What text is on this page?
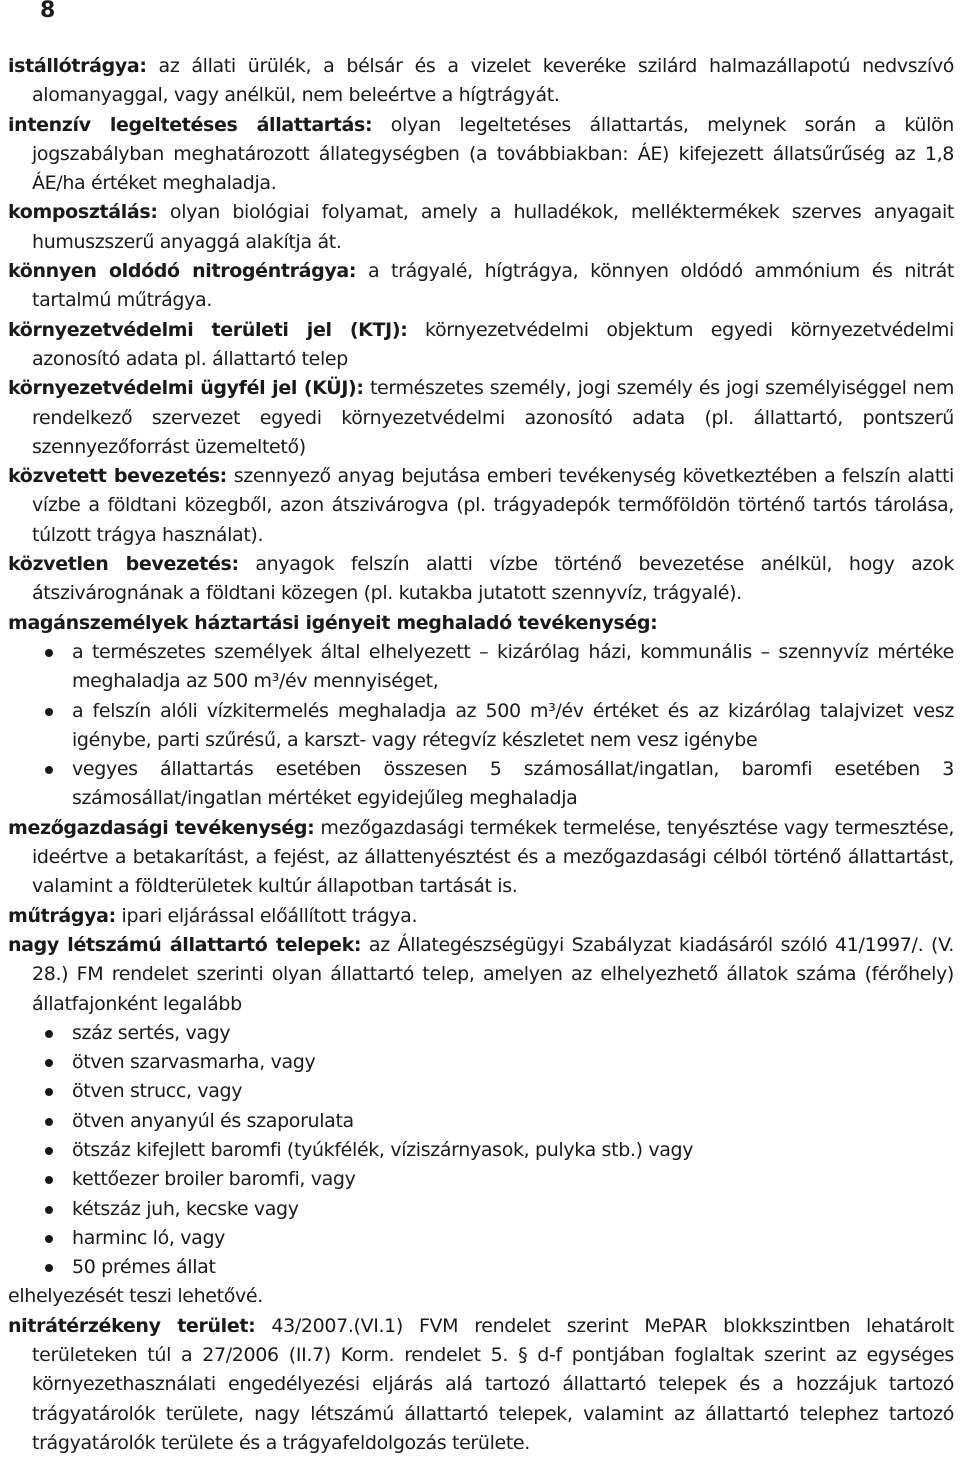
8

istállótrágya: az állati ürülék, a bélsár és a vizelet keveréke szilárd halmazállapotú nedvszívó alomanyaggal, vagy anélkül, nem beleértve a hígtrágyát.

intenzív legeltetéses állattartás: olyan legeltetéses állattartás, melynek során a külön jogszabályban meghatározott állategységben (a továbbiakban: ÁE) kifejezett állatsűrűség az 1,8 ÁE/ha értéket meghaladja.

komposztálás: olyan biológiai folyamat, amely a hulladékok, melléktermékek szerves anyagait humuszszerű anyaggá alakítja át.

könnyen oldódó nitrogéntrágya: a trágyalé, hígtrágya, könnyen oldódó ammónium és nitrát tartalmú műtrágya.

környezetvédelmi területi jel (KTJ): környezetvédelmi objektum egyedi környezetvédelmi azonosító adata pl. állattartó telep

környezetvédelmi ügyfél jel (KÜJ): természetes személy, jogi személy és jogi személyiséggel nem rendelkező szervezet egyedi környezetvédelmi azonosító adata (pl. állattartó, pontszerű szennyezőforrást üzemeltető)

közvetett bevezetés: szennyező anyag bejutása emberi tevékenység következtében a felszín alatti vízbe a földtani közegből, azon átszivárogva (pl. trágyadepók termőföldön történő tartós tárolása, túlzott trágya használat).

közvetlen bevezetés: anyagok felszín alatti vízbe történő bevezetése anélkül, hogy azok átszivárognának a földtani közegen (pl. kutakba jutatott szennyvíz, trágyalé).

magánszemélyek háztartási igényeit meghaladó tevékenység:

a természetes személyek által elhelyezett – kizárólag házi, kommunális – szennyvíz mértéke meghaladja az 500 m³/év mennyiséget,
a felszín alóli vízkitermelés meghaladja az 500 m³/év értéket és az kizárólag talajvizet vesz igénybe, parti szűrésű, a karszt- vagy rétegvíz készletet nem vesz igénybe
vegyes állattartás esetében összesen 5 számosállat/ingatlan, baromfi esetében 3 számosállat/ingatlan mértéket egyidejűleg meghaladja

mezőgazdasági tevékenység: mezőgazdasági termékek termelése, tenyésztése vagy termesztése, ideértve a betakarítást, a fejést, az állattenyésztést és a mezőgazdasági célból történő állattartást, valamint a földterületek kultúr állapotban tartását is.

műtrágya: ipari eljárással előállított trágya.

nagy létszámú állattartó telepek: az Állategészségügyi Szabályzat kiadásáról szóló 41/1997/. (V. 28.) FM rendelet szerinti olyan állattartó telep, amelyen az elhelyezhető állatok száma (férőhely) állatfajonként legalább

száz sertés, vagy
ötven szarvasmarha, vagy
ötven strucc, vagy
ötven anyanyúl és szaporulata
ötszáz kifejlett baromfi (tyúkfélék, víziszárnyasok, pulyka stb.) vagy
kettőezer broiler baromfi, vagy
kétszáz juh, kecske vagy
harminc ló, vagy
50 prémes állat

elhelyezését teszi lehetővé.

nitrátérzékeny terület: 43/2007.(VI.1) FVM rendelet szerint MePAR blokkszintben lehatárolt területeken túl a 27/2006 (II.7) Korm. rendelet 5. § d-f pontjában foglaltak szerint az egységes környezethasználati engedélyezési eljárás alá tartozó állattartó telepek és a hozzájuk tartozó trágyatárolók területe, nagy létszámú állattartó telepek, valamint az állattartó telephez tartozó trágyatárolók területe és a trágyafeldolgozás területe.
